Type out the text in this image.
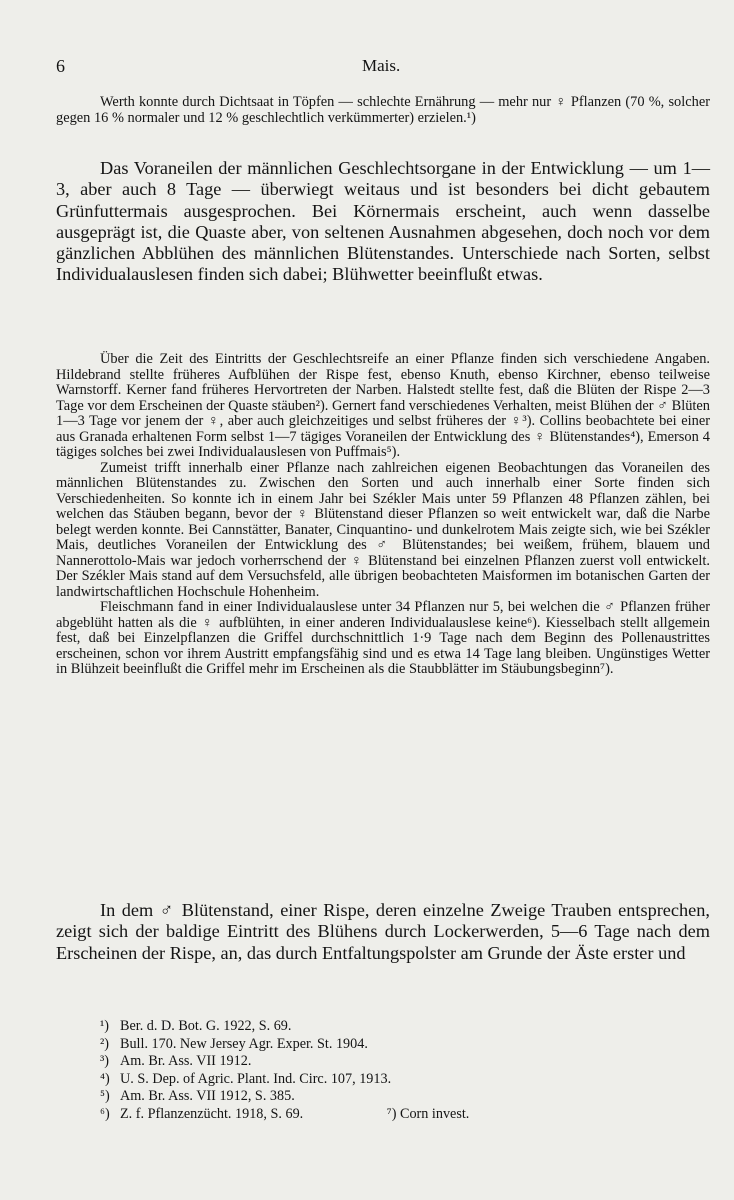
6	Mais.

Werth konnte durch Dichtsaat in Töpfen — schlechte Ernährung — mehr nur ♀ Pflanzen (70 %, solcher gegen 16 % normaler und 12 % geschlechtlich verkümmerter) erzielen.¹)

Das Voraneilen der männlichen Geschlechtsorgane in der Entwicklung — um 1—3, aber auch 8 Tage — überwiegt weitaus und ist besonders bei dicht gebautem Grünfuttermais ausgesprochen. Bei Körnermais erscheint, auch wenn dasselbe ausgeprägt ist, die Quaste aber, von seltenen Ausnahmen abgesehen, doch noch vor dem gänzlichen Abblühen des männlichen Blütenstandes. Unterschiede nach Sorten, selbst Individualauslesen finden sich dabei; Blühwetter beeinflußt etwas.

Über die Zeit des Eintritts der Geschlechtsreife an einer Pflanze finden sich verschiedene Angaben. Hildebrand stellte früheres Aufblühen der Rispe fest, ebenso Knuth, ebenso Kirchner, ebenso teilweise Warnstorff. Kerner fand früheres Hervortreten der Narben. Halstedt stellte fest, daß die Blüten der Rispe 2—3 Tage vor dem Erscheinen der Quaste stäuben²). Gernert fand verschiedenes Verhalten, meist Blühen der ♂ Blüten 1—3 Tage vor jenem der ♀, aber auch gleichzeitiges und selbst früheres der ♀³). Collins beobachtete bei einer aus Granada erhaltenen Form selbst 1—7 tägiges Voraneilen der Entwicklung des ♀ Blütenstandes⁴), Emerson 4 tägiges solches bei zwei Individualauslesen von Puffmais⁵).

Zumeist trifft innerhalb einer Pflanze nach zahlreichen eigenen Beobachtungen das Voraneilen des männlichen Blütenstandes zu. Zwischen den Sorten und auch innerhalb einer Sorte finden sich Verschiedenheiten. So konnte ich in einem Jahr bei Székler Mais unter 59 Pflanzen 48 Pflanzen zählen, bei welchen das Stäuben begann, bevor der ♀ Blütenstand dieser Pflanzen so weit entwickelt war, daß die Narbe belegt werden konnte. Bei Cannstätter, Banater, Cinquantino- und dunkelrotem Mais zeigte sich, wie bei Székler Mais, deutliches Voraneilen der Entwicklung des ♂ Blütenstandes; bei weißem, frühem, blauem und Nannerottolo-Mais war jedoch vorherrschend der ♀ Blütenstand bei einzelnen Pflanzen zuerst voll entwickelt. Der Székler Mais stand auf dem Versuchsfeld, alle übrigen beobachteten Maisformen im botanischen Garten der landwirtschaftlichen Hochschule Hohenheim.

Fleischmann fand in einer Individualauslese unter 34 Pflanzen nur 5, bei welchen die ♂ Pflanzen früher abgeblüht hatten als die ♀ aufblühten, in einer anderen Individualauslese keine⁶). Kiesselbach stellt allgemein fest, daß bei Einzelpflanzen die Griffel durchschnittlich 1·9 Tage nach dem Beginn des Pollenaustrittes erscheinen, schon vor ihrem Austritt empfangsfähig sind und es etwa 14 Tage lang bleiben. Ungünstiges Wetter in Blühzeit beeinflußt die Griffel mehr im Erscheinen als die Staubblätter im Stäubungsbeginn⁷).

In dem ♂ Blütenstand, einer Rispe, deren einzelne Zweige Trauben entsprechen, zeigt sich der baldige Eintritt des Blühens durch Lockerwerden, 5—6 Tage nach dem Erscheinen der Rispe, an, das durch Entfaltungspolster am Grunde der Äste erster und

¹) Ber. d. D. Bot. G. 1922, S. 69.
²) Bull. 170. New Jersey Agr. Exper. St. 1904.
³) Am. Br. Ass. VII 1912.
⁴) U. S. Dep. of Agric. Plant. Ind. Circ. 107, 1913.
⁵) Am. Br. Ass. VII 1912, S. 385.
⁶) Z. f. Pflanzenzücht. 1918, S. 69.	⁷) Corn invest.
